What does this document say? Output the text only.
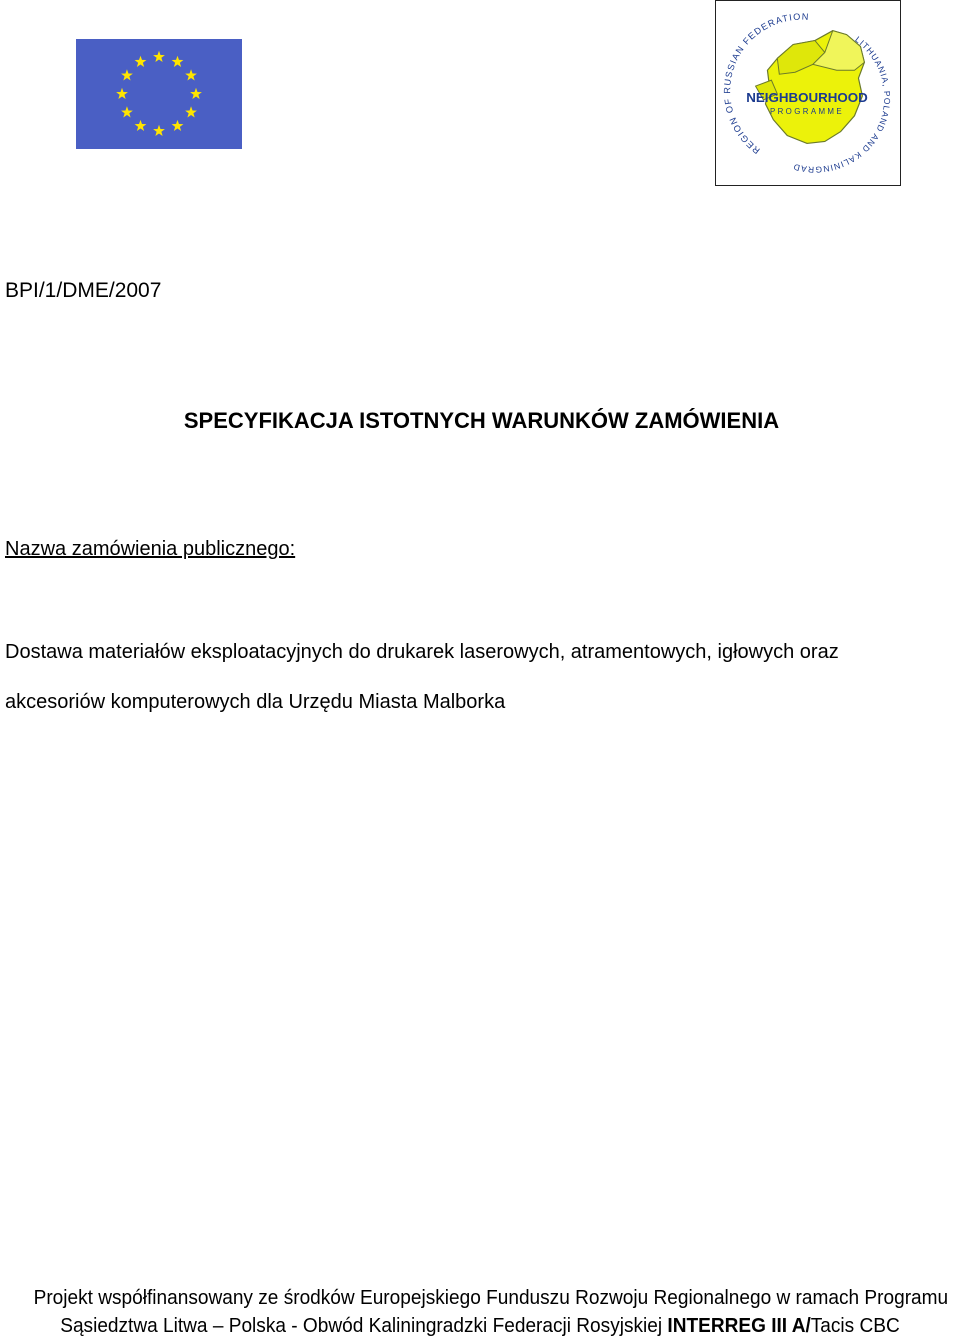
REGION OF RUSSIAN FEDERATION
LITHUANIA, POLAND AND KALININGRAD
NEIGHBOURHOOD
PROGRAMME
BPI/1/DME/2007
SPECYFIKACJA ISTOTNYCH WARUNKÓW ZAMÓWIENIA
Nazwa zamówienia publicznego:
Dostawa materiałów eksploatacyjnych do drukarek laserowych, atramentowych, igłowych oraz
akcesoriów komputerowych dla Urzędu Miasta Malborka
Projekt współfinansowany ze środków Europejskiego Funduszu Rozwoju Regionalnego w ramach Programu
Sąsiedztwa Litwa – Polska - Obwód Kaliningradzki Federacji Rosyjskiej INTERREG III A/Tacis CBC
